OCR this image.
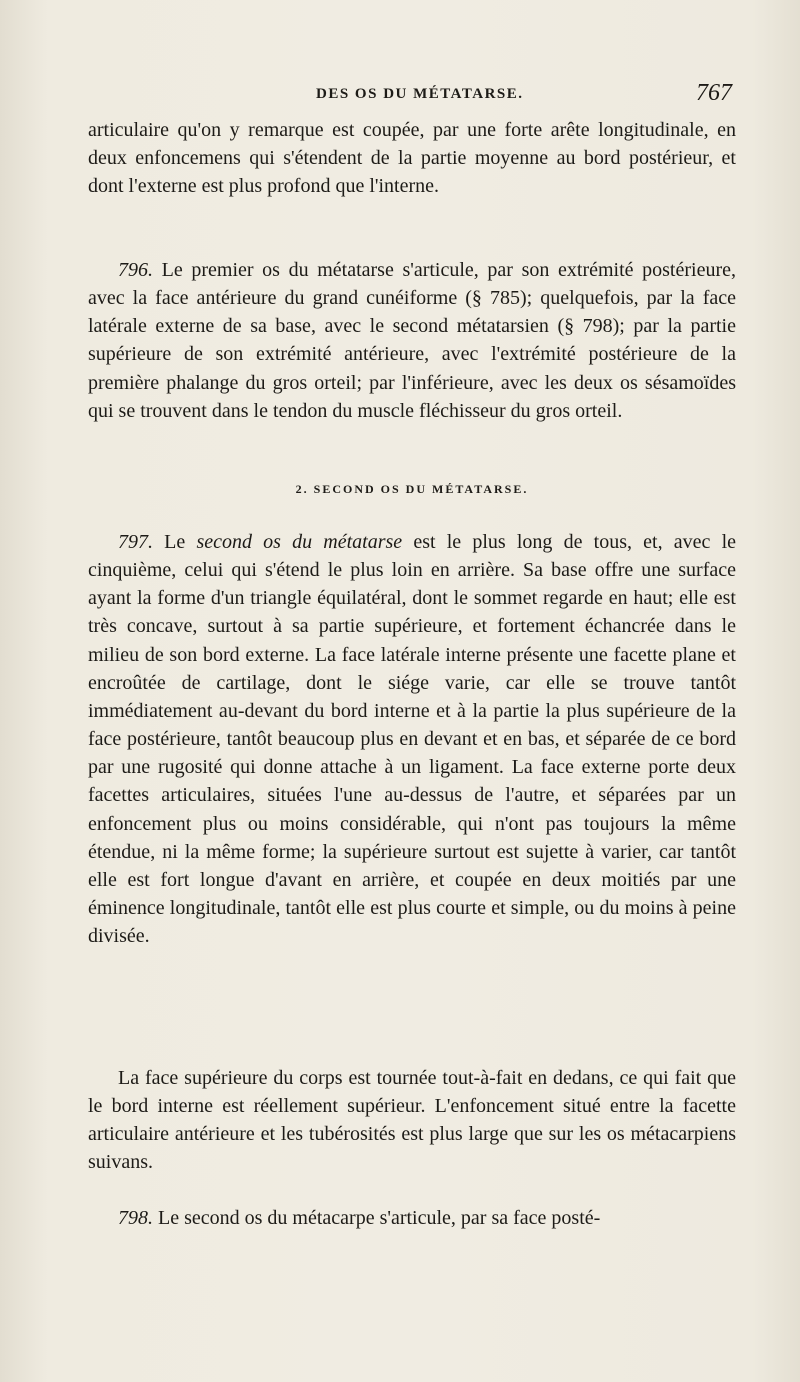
DES OS DU MÉTATARSE.	767

articulaire qu'on y remarque est coupée, par une forte arête longitudinale, en deux enfoncemens qui s'étendent de la partie moyenne au bord postérieur, et dont l'externe est plus profond que l'interne.

796. Le premier os du métatarse s'articule, par son extrémité postérieure, avec la face antérieure du grand cunéiforme (§ 785); quelquefois, par la face latérale externe de sa base, avec le second métatarsien (§ 798); par la partie supérieure de son extrémité antérieure, avec l'extrémité postérieure de la première phalange du gros orteil; par l'inférieure, avec les deux os sésamoïdes qui se trouvent dans le tendon du muscle fléchisseur du gros orteil.

2. SECOND OS DU MÉTATARSE.

797. Le second os du métatarse est le plus long de tous, et, avec le cinquième, celui qui s'étend le plus loin en arrière. Sa base offre une surface ayant la forme d'un triangle équilatéral, dont le sommet regarde en haut; elle est très concave, surtout à sa partie supérieure, et fortement échancrée dans le milieu de son bord externe. La face latérale interne présente une facette plane et encroûtée de cartilage, dont le siége varie, car elle se trouve tantôt immédiatement au-devant du bord interne et à la partie la plus supérieure de la face postérieure, tantôt beaucoup plus en devant et en bas, et séparée de ce bord par une rugosité qui donne attache à un ligament. La face externe porte deux facettes articulaires, situées l'une au-dessus de l'autre, et séparées par un enfoncement plus ou moins considérable, qui n'ont pas toujours la même étendue, ni la même forme; la supérieure surtout est sujette à varier, car tantôt elle est fort longue d'avant en arrière, et coupée en deux moitiés par une éminence longitudinale, tantôt elle est plus courte et simple, ou du moins à peine divisée.

La face supérieure du corps est tournée tout-à-fait en dedans, ce qui fait que le bord interne est réellement supérieur. L'enfoncement situé entre la facette articulaire antérieure et les tubérosités est plus large que sur les os métacarpiens suivans.

798. Le second os du métacarpe s'articule, par sa face posté-
